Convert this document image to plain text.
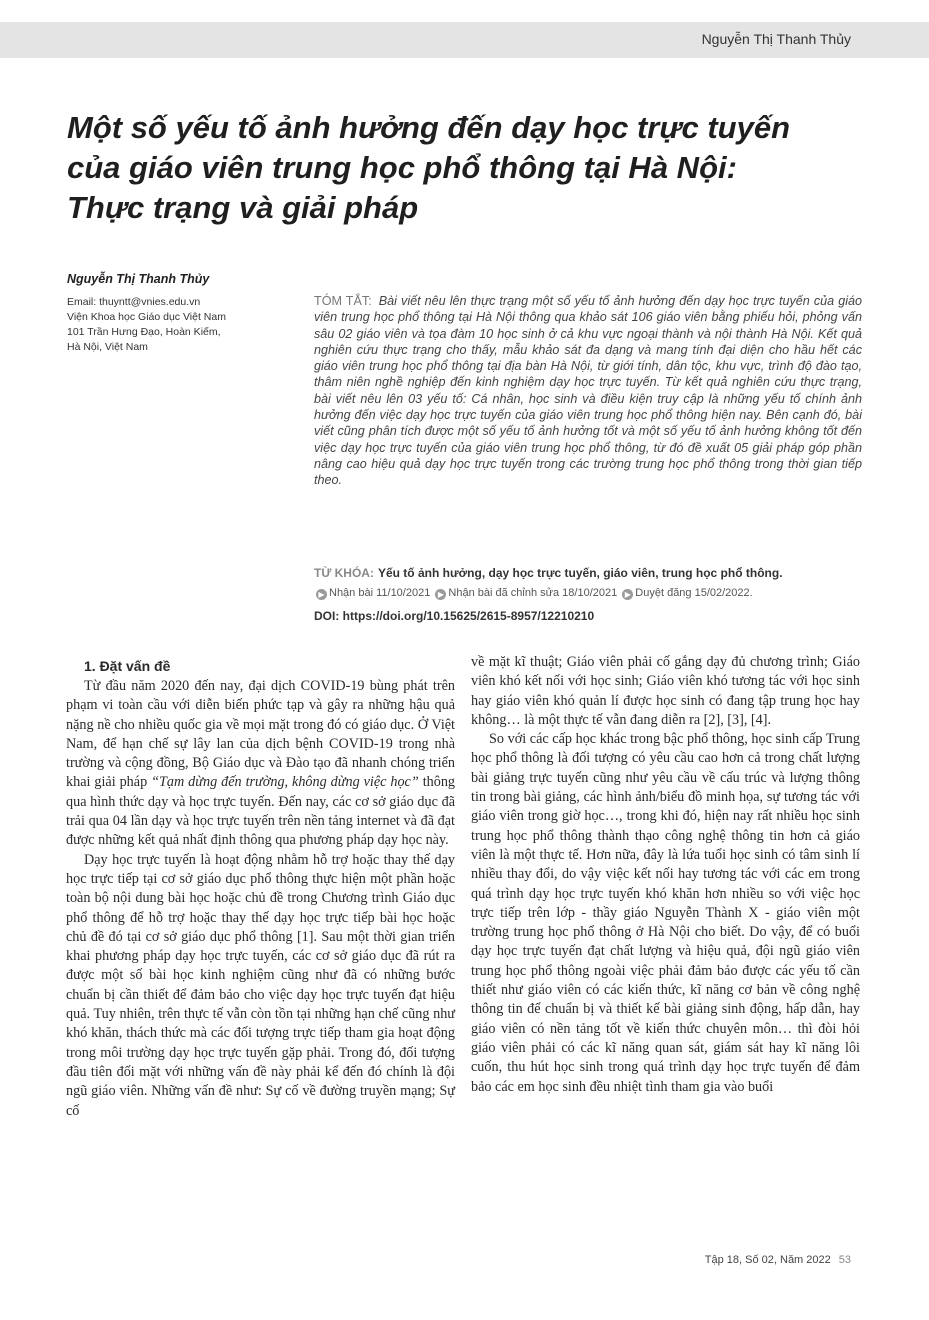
Nguyễn Thị Thanh Thủy
Một số yếu tố ảnh hưởng đến dạy học trực tuyến
của giáo viên trung học phổ thông tại Hà Nội:
Thực trạng và giải pháp
Nguyễn Thị Thanh Thủy
Email: thuyntt@vnies.edu.vn
Viện Khoa học Giáo dục Việt Nam
101 Trần Hưng Đạo, Hoàn Kiếm,
Hà Nội, Việt Nam

TÓM TẮT: Bài viết nêu lên thực trạng một số yếu tố ảnh hưởng đến dạy học trực tuyến của giáo viên trung học phổ thông tại Hà Nội thông qua khảo sát 106 giáo viên bằng phiếu hỏi, phỏng vấn sâu 02 giáo viên và tọa đàm 10 học sinh ở cả khu vực ngoại thành và nội thành Hà Nội. Kết quả nghiên cứu thực trạng cho thấy, mẫu khảo sát đa dạng và mang tính đại diện cho hầu hết các giáo viên trung học phổ thông tại địa bàn Hà Nội, từ giới tính, dân tộc, khu vực, trình độ đào tạo, thâm niên nghề nghiệp đến kinh nghiệm dạy học trực tuyến. Từ kết quả nghiên cứu thực trạng, bài viết nêu lên 03 yếu tố: Cá nhân, học sinh và điều kiện truy cập là những yếu tố chính ảnh hưởng đến việc dạy học trực tuyến của giáo viên trung học phổ thông hiện nay. Bên cạnh đó, bài viết cũng phân tích được một số yếu tố ảnh hưởng tốt và một số yếu tố ảnh hưởng không tốt đến việc dạy học trực tuyến của giáo viên trung học phổ thông, từ đó đề xuất 05 giải pháp góp phần nâng cao hiệu quả dạy học trực tuyến trong các trường trung học phổ thông trong thời gian tiếp theo.

TỪ KHÓA: Yếu tố ảnh hưởng, dạy học trực tuyến, giáo viên, trung học phổ thông.
▶ Nhận bài 11/10/2021 ▶ Nhận bài đã chỉnh sửa 18/10/2021 ▶ Duyệt đăng 15/02/2022.
DOI: https://doi.org/10.15625/2615-8957/12210210
1. Đặt vấn đề

Từ đầu năm 2020 đến nay, đại dịch COVID-19 bùng phát trên phạm vi toàn cầu với diễn biến phức tạp và gây ra những hậu quả nặng nề cho nhiều quốc gia về mọi mặt trong đó có giáo dục. Ở Việt Nam, để hạn chế sự lây lan của dịch bệnh COVID-19 trong nhà trường và cộng đồng, Bộ Giáo dục và Đào tạo đã nhanh chóng triển khai giải pháp “Tạm dừng đến trường, không dừng việc học” thông qua hình thức dạy và học trực tuyến. Đến nay, các cơ sở giáo dục đã trải qua 04 lần dạy và học trực tuyến trên nền tảng internet và đã đạt được những kết quả nhất định thông qua phương pháp dạy học này.

Dạy học trực tuyến là hoạt động nhằm hỗ trợ hoặc thay thế dạy học trực tiếp tại cơ sở giáo dục phổ thông thực hiện một phần hoặc toàn bộ nội dung bài học hoặc chủ đề trong Chương trình Giáo dục phổ thông để hỗ trợ hoặc thay thế dạy học trực tiếp bài học hoặc chủ đề đó tại cơ sở giáo dục phổ thông [1]. Sau một thời gian triển khai phương pháp dạy học trực tuyến, các cơ sở giáo dục đã rút ra được một số bài học kinh nghiệm cũng như đã có những bước chuẩn bị cần thiết để đảm bảo cho việc dạy học trực tuyến đạt hiệu quả. Tuy nhiên, trên thực tế vẫn còn tồn tại những hạn chế cũng như khó khăn, thách thức mà các đối tượng trực tiếp tham gia hoạt động trong môi trường dạy học trực tuyến gặp phải. Trong đó, đối tượng đầu tiên đối mặt với những vấn đề này phải kể đến đó chính là đội ngũ giáo viên. Những vấn đề như: Sự cố về đường truyền mạng; Sự cố

về mặt kĩ thuật; Giáo viên phải cố gắng dạy đủ chương trình; Giáo viên khó kết nối với học sinh; Giáo viên khó tương tác với học sinh hay giáo viên khó quản lí được học sinh có đang tập trung học hay không… là một thực tế vẫn đang diễn ra [2], [3], [4].

So với các cấp học khác trong bậc phổ thông, học sinh cấp Trung học phổ thông là đối tượng có yêu cầu cao hơn cả trong chất lượng bài giảng trực tuyến cũng như yêu cầu về cấu trúc và lượng thông tin trong bài giảng, các hình ảnh/biểu đồ minh họa, sự tương tác với giáo viên trong giờ học…, trong khi đó, hiện nay rất nhiều học sinh trung học phổ thông thành thạo công nghệ thông tin hơn cả giáo viên là một thực tế. Hơn nữa, đây là lứa tuổi học sinh có tâm sinh lí nhiều thay đổi, do vậy việc kết nối hay tương tác với các em trong quá trình dạy học trực tuyến khó khăn hơn nhiều so với việc học trực tiếp trên lớp - thầy giáo Nguyễn Thành X - giáo viên một trường trung học phổ thông ở Hà Nội cho biết. Do vậy, để có buổi dạy học trực tuyến đạt chất lượng và hiệu quả, đội ngũ giáo viên trung học phổ thông ngoài việc phải đảm bảo được các yếu tố cần thiết như giáo viên có các kiến thức, kĩ năng cơ bản về công nghệ thông tin để chuẩn bị và thiết kế bài giảng sinh động, hấp dẫn, hay giáo viên có nền tảng tốt về kiến thức chuyên môn… thì đòi hỏi giáo viên phải có các kĩ năng quan sát, giám sát hay kĩ năng lôi cuốn, thu hút học sinh trong quá trình dạy học trực tuyến để đảm bảo các em học sinh đều nhiệt tình tham gia vào buổi

Tập 18, Số 02, Năm 2022 53
